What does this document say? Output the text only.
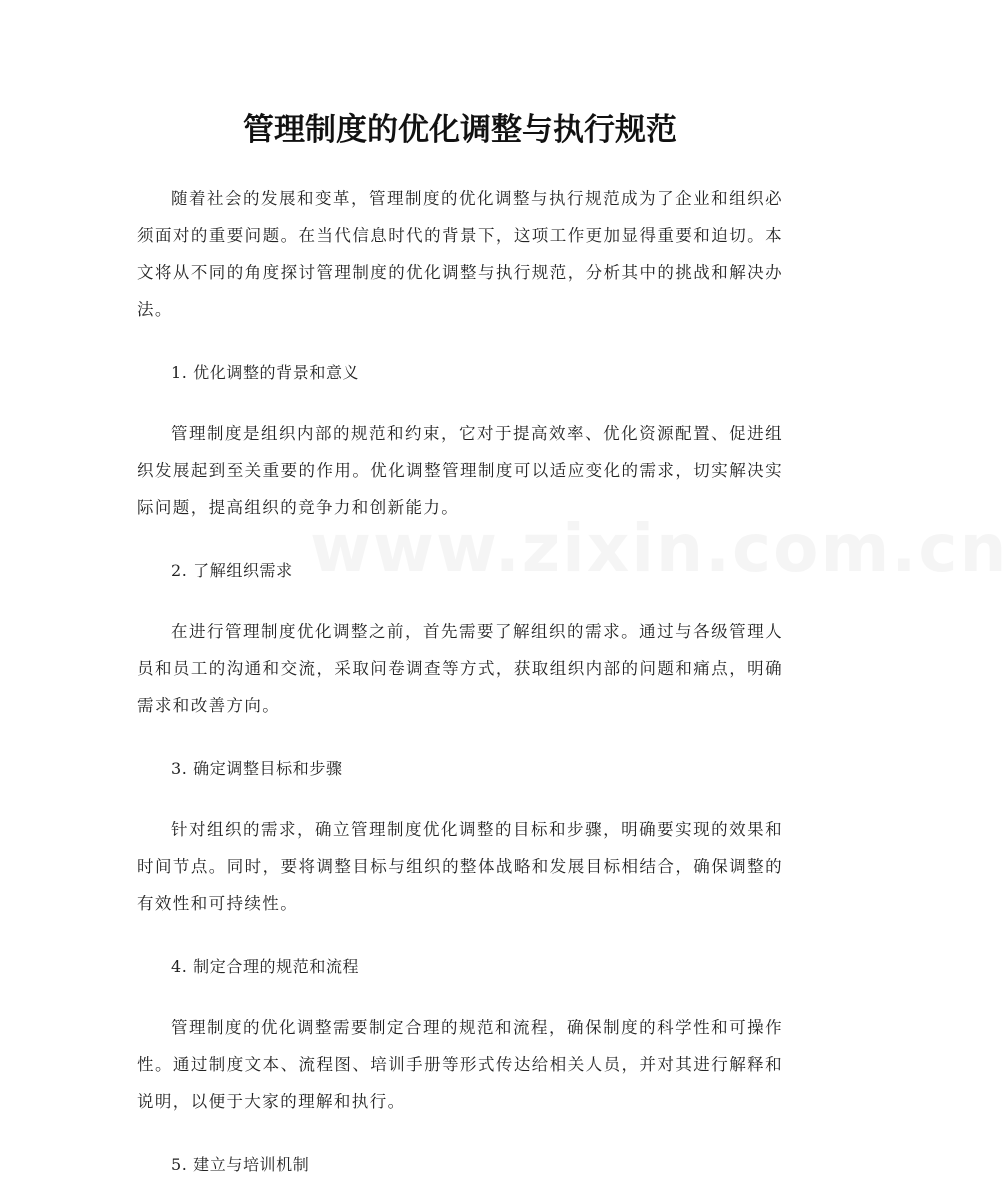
www.zixin.com.cn
管理制度的优化调整与执行规范

随着社会的发展和变革，管理制度的优化调整与执行规范成为了企业和组织必须面对的重要问题。在当代信息时代的背景下，这项工作更加显得重要和迫切。本文将从不同的角度探讨管理制度的优化调整与执行规范，分析其中的挑战和解决办法。

1. 优化调整的背景和意义

管理制度是组织内部的规范和约束，它对于提高效率、优化资源配置、促进组织发展起到至关重要的作用。优化调整管理制度可以适应变化的需求，切实解决实际问题，提高组织的竞争力和创新能力。

2. 了解组织需求

在进行管理制度优化调整之前，首先需要了解组织的需求。通过与各级管理人员和员工的沟通和交流，采取问卷调查等方式，获取组织内部的问题和痛点，明确需求和改善方向。

3. 确定调整目标和步骤

针对组织的需求，确立管理制度优化调整的目标和步骤，明确要实现的效果和时间节点。同时，要将调整目标与组织的整体战略和发展目标相结合，确保调整的有效性和可持续性。

4. 制定合理的规范和流程

管理制度的优化调整需要制定合理的规范和流程，确保制度的科学性和可操作性。通过制度文本、流程图、培训手册等形式传达给相关人员，并对其进行解释和说明，以便于大家的理解和执行。

5. 建立与培训机制
